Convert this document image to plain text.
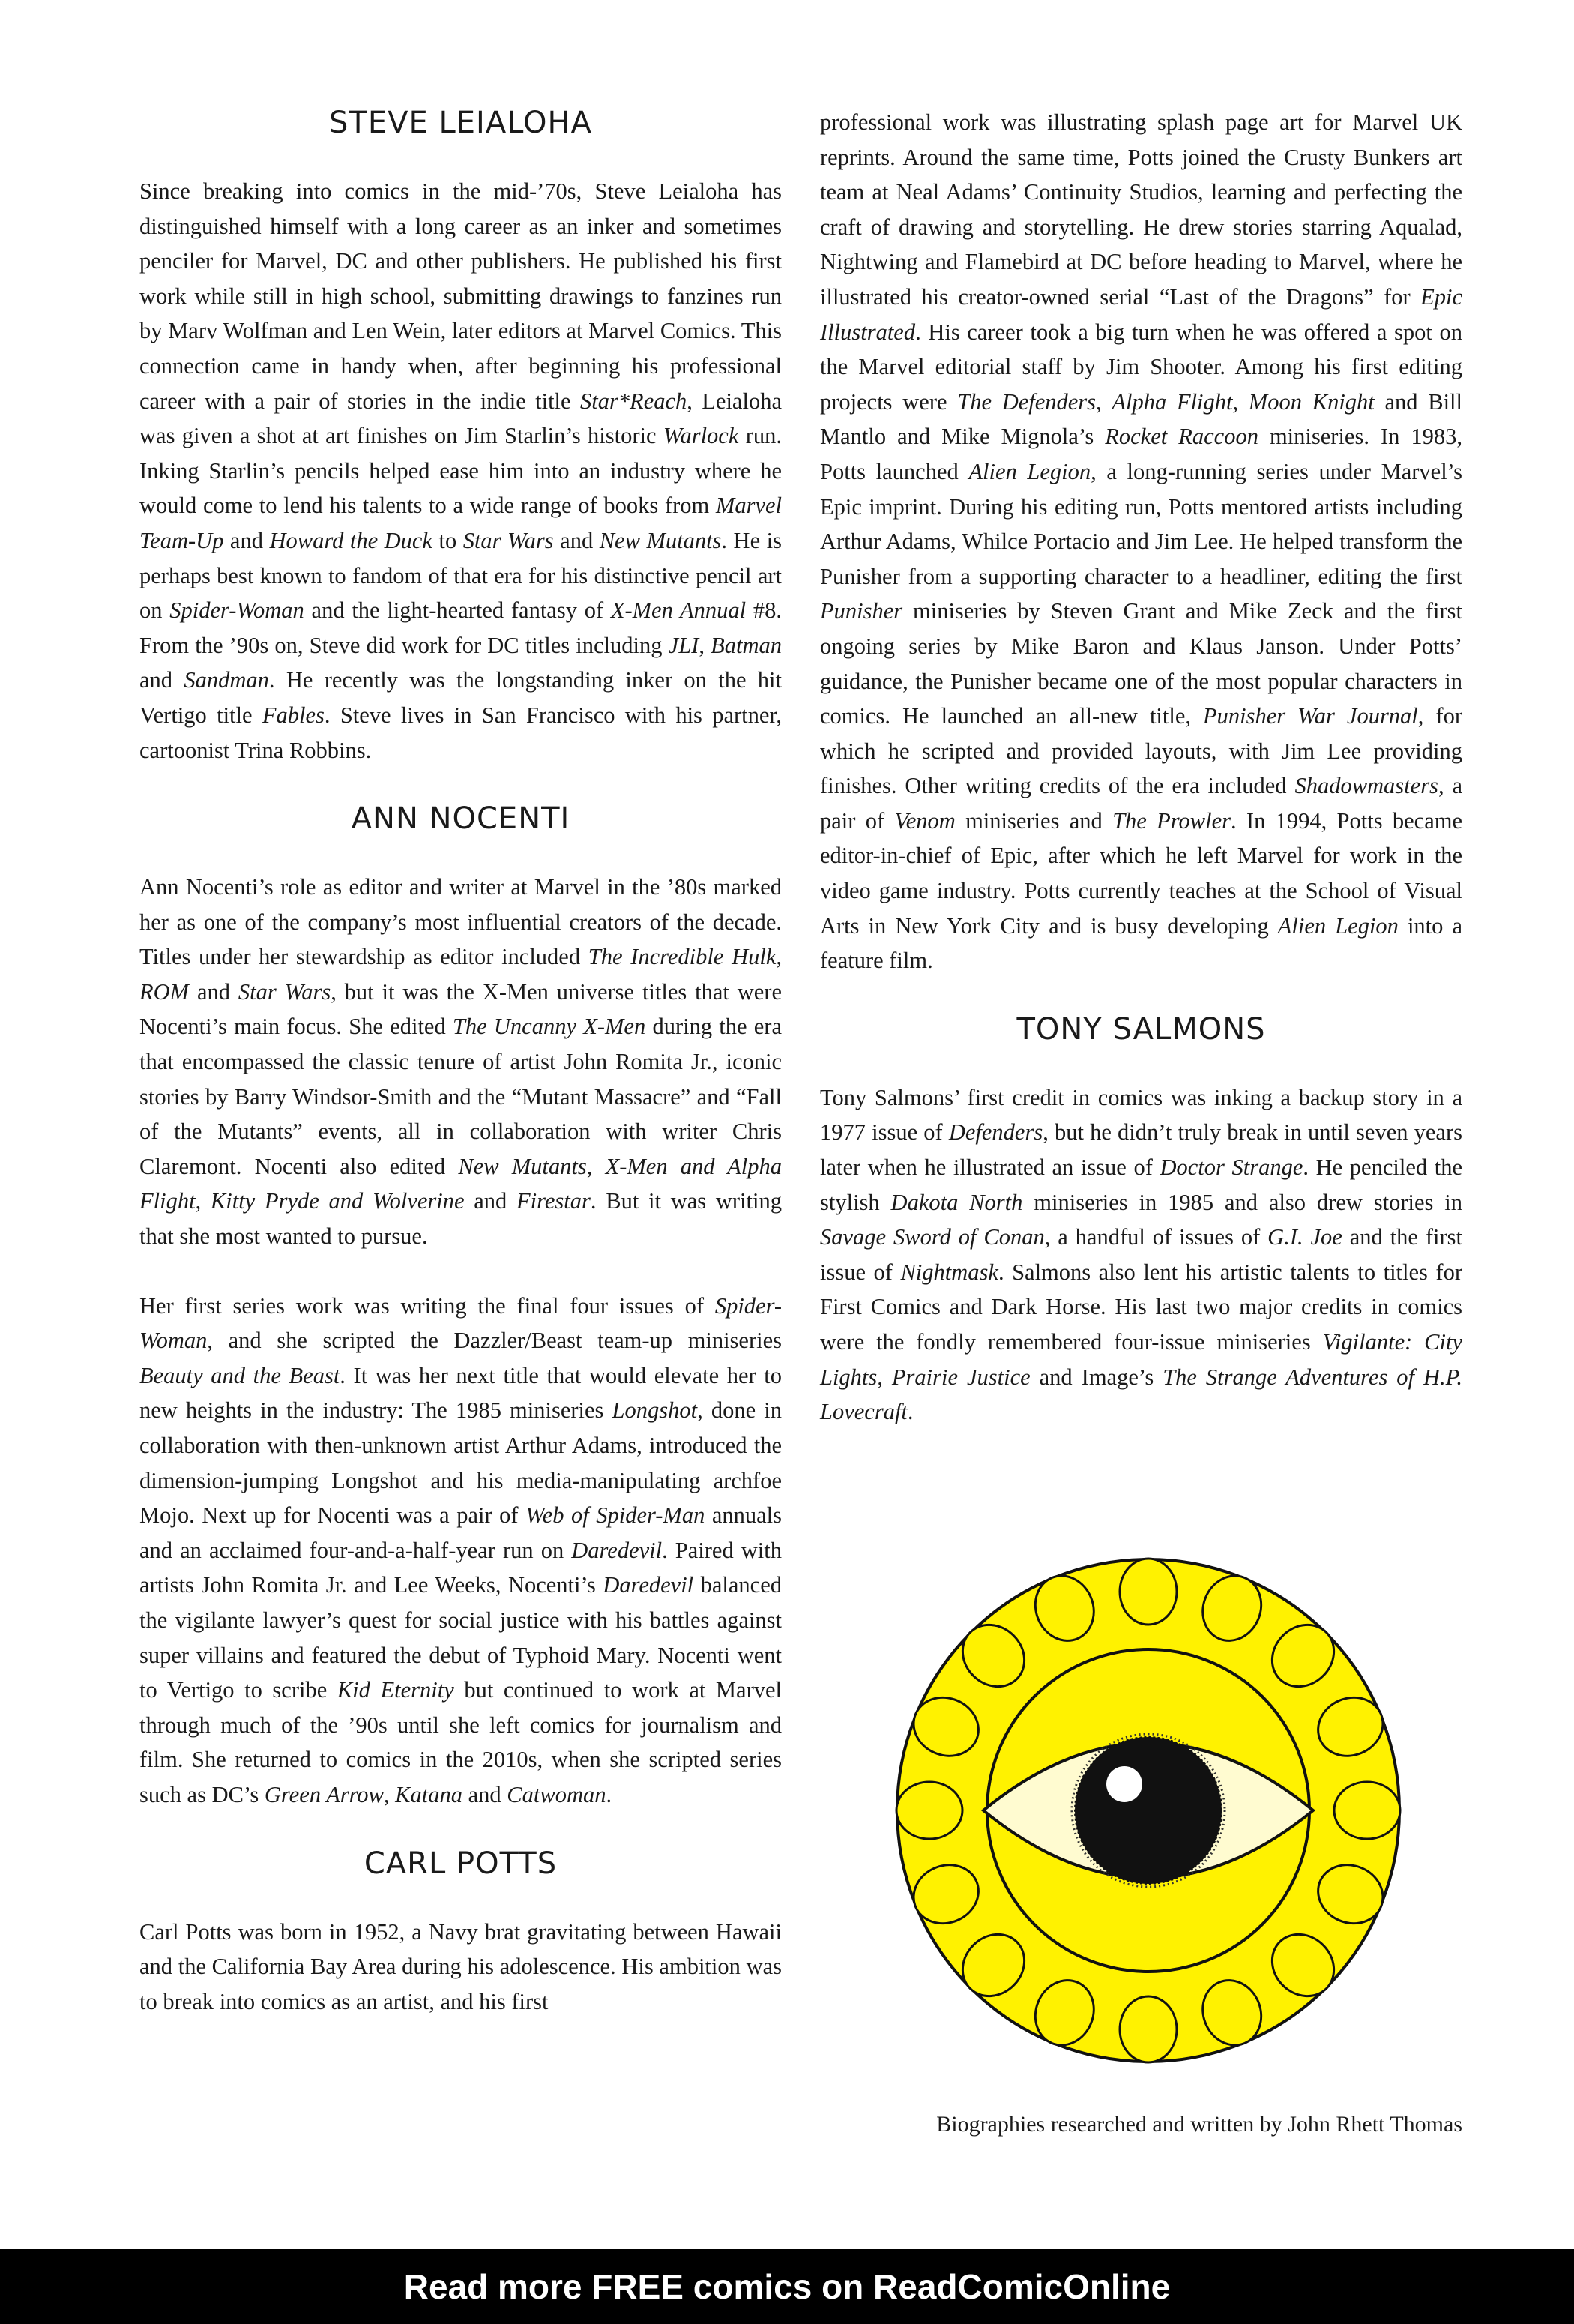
STEVE LEIALOHA

Since breaking into comics in the mid-’70s, Steve Leialoha has distinguished himself with a long career as an inker and sometimes penciler for Marvel, DC and other publishers. He published his first work while still in high school, submitting drawings to fanzines run by Marv Wolfman and Len Wein, later editors at Marvel Comics. This connection came in handy when, after beginning his professional career with a pair of stories in the indie title Star*Reach, Leialoha was given a shot at art finishes on Jim Starlin’s historic Warlock run. Inking Starlin’s pencils helped ease him into an industry where he would come to lend his talents to a wide range of books from Marvel Team-Up and Howard the Duck to Star Wars and New Mutants. He is perhaps best known to fandom of that era for his distinctive pencil art on Spider-Woman and the light-hearted fantasy of X-Men Annual #8. From the ’90s on, Steve did work for DC titles including JLI, Batman and Sandman. He recently was the longstanding inker on the hit Vertigo title Fables. Steve lives in San Francisco with his partner, cartoonist Trina Robbins.

ANN NOCENTI

Ann Nocenti’s role as editor and writer at Marvel in the ’80s marked her as one of the company’s most influential creators of the decade. Titles under her stewardship as editor included The Incredible Hulk, ROM and Star Wars, but it was the X-Men universe titles that were Nocenti’s main focus. She edited The Uncanny X-Men during the era that encompassed the classic tenure of artist John Romita Jr., iconic stories by Barry Windsor-Smith and the “Mutant Massacre” and “Fall of the Mutants” events, all in collaboration with writer Chris Claremont. Nocenti also edited New Mutants, X-Men and Alpha Flight, Kitty Pryde and Wolverine and Firestar. But it was writing that she most wanted to pursue.

Her first series work was writing the final four issues of Spider-Woman, and she scripted the Dazzler/Beast team-up miniseries Beauty and the Beast. It was her next title that would elevate her to new heights in the industry: The 1985 miniseries Longshot, done in collaboration with then-unknown artist Arthur Adams, introduced the dimension-jumping Longshot and his media-manipulating archfoe Mojo. Next up for Nocenti was a pair of Web of Spider-Man annuals and an acclaimed four-and-a-half-year run on Daredevil. Paired with artists John Romita Jr. and Lee Weeks, Nocenti’s Daredevil balanced the vigilante lawyer’s quest for social justice with his battles against super villains and featured the debut of Typhoid Mary. Nocenti went to Vertigo to scribe Kid Eternity but continued to work at Marvel through much of the ’90s until she left comics for journalism and film. She returned to comics in the 2010s, when she scripted series such as DC’s Green Arrow, Katana and Catwoman.

CARL POTTS

Carl Potts was born in 1952, a Navy brat gravitating between Hawaii and the California Bay Area during his adolescence. His ambition was to break into comics as an artist, and his first

professional work was illustrating splash page art for Marvel UK reprints. Around the same time, Potts joined the Crusty Bunkers art team at Neal Adams’ Continuity Studios, learning and perfecting the craft of drawing and storytelling. He drew stories starring Aqualad, Nightwing and Flamebird at DC before heading to Marvel, where he illustrated his creator-owned serial “Last of the Dragons” for Epic Illustrated. His career took a big turn when he was offered a spot on the Marvel editorial staff by Jim Shooter. Among his first editing projects were The Defenders, Alpha Flight, Moon Knight and Bill Mantlo and Mike Mignola’s Rocket Raccoon miniseries. In 1983, Potts launched Alien Legion, a long-running series under Marvel’s Epic imprint. During his editing run, Potts mentored artists including Arthur Adams, Whilce Portacio and Jim Lee. He helped transform the Punisher from a supporting character to a headliner, editing the first Punisher miniseries by Steven Grant and Mike Zeck and the first ongoing series by Mike Baron and Klaus Janson. Under Potts’ guidance, the Punisher became one of the most popular characters in comics. He launched an all-new title, Punisher War Journal, for which he scripted and provided layouts, with Jim Lee providing finishes. Other writing credits of the era included Shadowmasters, a pair of Venom miniseries and The Prowler. In 1994, Potts became editor-in-chief of Epic, after which he left Marvel for work in the video game industry. Potts currently teaches at the School of Visual Arts in New York City and is busy developing Alien Legion into a feature film.

TONY SALMONS

Tony Salmons’ first credit in comics was inking a backup story in a 1977 issue of Defenders, but he didn’t truly break in until seven years later when he illustrated an issue of Doctor Strange. He penciled the stylish Dakota North miniseries in 1985 and also drew stories in Savage Sword of Conan, a handful of issues of G.I. Joe and the first issue of Nightmask. Salmons also lent his artistic talents to titles for First Comics and Dark Horse. His last two major credits in comics were the fondly remembered four-issue miniseries Vigilante: City Lights, Prairie Justice and Image’s The Strange Adventures of H.P. Lovecraft.

Biographies researched and written by John Rhett Thomas
Read more FREE comics on ReadComicOnline
